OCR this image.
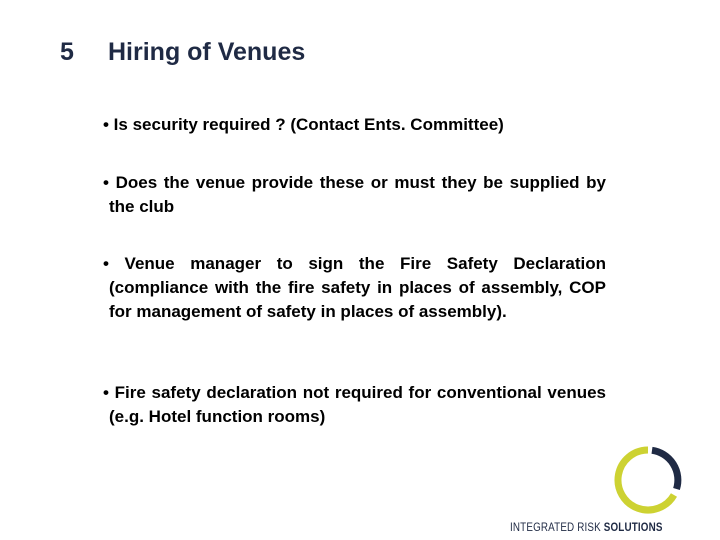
5 Hiring of Venues

• Is security required ? (Contact Ents. Committee)

• Does the venue provide these or must they be supplied by the club

• Venue manager to sign the Fire Safety Declaration (compliance with the fire safety in places of assembly, COP for management of safety in places of assembly).

• Fire safety declaration not required for conventional venues (e.g. Hotel function rooms)

INTEGRATED RISK SOLUTIONS
